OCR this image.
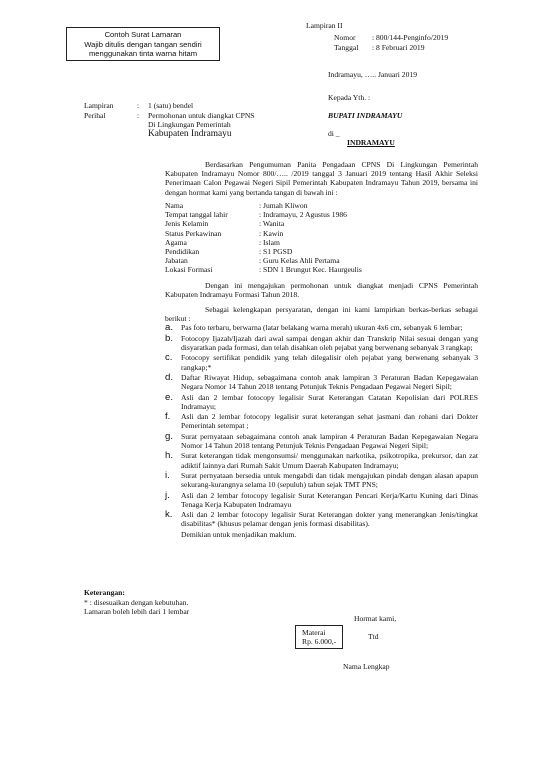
Contoh Surat Lamaran
Wajib ditulis dengan tangan sendiri
menggunakan tinta warna hitam
Lampiran II
Nomor	: 800/144-Penginfo/2019
Tanggal	: 8 Februari 2019
Indramayu, ….. Januari 2019
Kepada Yth. :
BUPATI INDRAMAYU
di _
INDRAMAYU
Lampiran	: 1 (satu) bendel
Perihal	: Permohonan untuk diangkat CPNS
Di Lingkungan Pemerintah
Kabupaten Indramayu
Berdasarkan Pengumuman Panita Pengadaan CPNS Di Lingkungan Pemerintah Kabupaten Indramayu Nomor 800/….. /2019 tanggal 3 Januari 2019 tentang Hasil Akhir Seleksi Penerimaan Calon Pegawai Negeri Sipil Pemerintah Kabupaten Indramayu Tahun 2019, bersama ini dengan hormat kami yang bertanda tangan di bawah ini :
Nama	: Jumah Kliwon
Tempat tanggal lahir	: Indramayu, 2 Agustus 1986
Jenis Kelamin	: Wanita
Status Perkawinan	: Kawin
Agama	: Islam
Pendidikan	: S1 PGSD
Jabatan	: Guru Kelas Ahli Pertama
Lokasi Formasi	: SDN 1 Brungut Kec. Haurgeulis
Dengan ini mengajukan permohonan untuk diangkat menjadi CPNS Pemerintah Kabupaten Indramayu Formasi Tahun 2018.
Sebagai kelengkapan persyaratan, dengan ini kami lampirkan berkas-berkas sebagai berikut :
a.	Pas foto terbaru, berwarna (latar belakang warna merah) ukuran 4x6 cm, sebanyak 6 lembar;
b.	Fotocopy Ijazah/Ijazah dari awal sampai dengan akhir dan Transkrip Nilai sesuai dengan yang disyaratkan pada formasi, dan telah disahkan oleh pejabat yang berwenang sebanyak 3 rangkap;
c.	Fotocopy sertifikat pendidik yang telah dilegalisir oleh pejabat yang berwenang sebanyak 3 rangkap;*
d.	Daftar Riwayat Hidup, sebagaimana contoh anak lampiran 3 Peraturan Badan Kepegawaian Negara Nomor 14 Tahun 2018 tentang Petunjuk Teknis Pengadaan Pegawai Negeri Sipil;
e.	Asli dan 2 lembar fotocopy legalisir Surat Keterangan Catatan Kepolisian dari POLRES Indramayu;
f.	Asli dan 2 lembar fotocopy legalisir surat keterangan sehat jasmani dan rohani dari Dokter Pemerintah setempat ;
g.	Surat pernyataan sebagaimana contoh anak lampiran 4 Peraturan Badan Kepegawaian Negara Nomor 14 Tahun 2018 tentang Petunjuk Teknis Pengadaan Pegawai Negeri Sipil;
h.	Surat keterangan tidak mengonsumsi/ menggunakan narkotika, psikotropika, prekursor, dan zat adiktif lainnya dari Rumah Sakit Umum Daerah Kabupaten Indramayu;
i.	Surat pernyataan bersedia untuk mengabdi dan tidak mengajukan pindah dengan alasan apapun sekurang-kurangnya selama 10 (sepuluh) tahun sejak TMT PNS;
j.	Asli dan 2 lembar fotocopy legalisir Surat Keterangan Pencari Kerja/Kartu Kuning dari Dinas Tenaga Kerja Kabupaten Indramayu
k.	Asli dan 2 lembar fotocopy legalisir Surat Keterangan dokter yang menerangkan Jenis/tingkat disabilitas* (khusus pelamar dengan jenis formasi disabilitas).
Demikian untuk menjadikan maklum.
Keterangan:
* : disesuaikan dengan kebutuhan.
Lamaran boleh lebih dari 1 lembar
Hormat kami,
Materai
Rp. 6.000,-
Ttd
Nama Lengkap
